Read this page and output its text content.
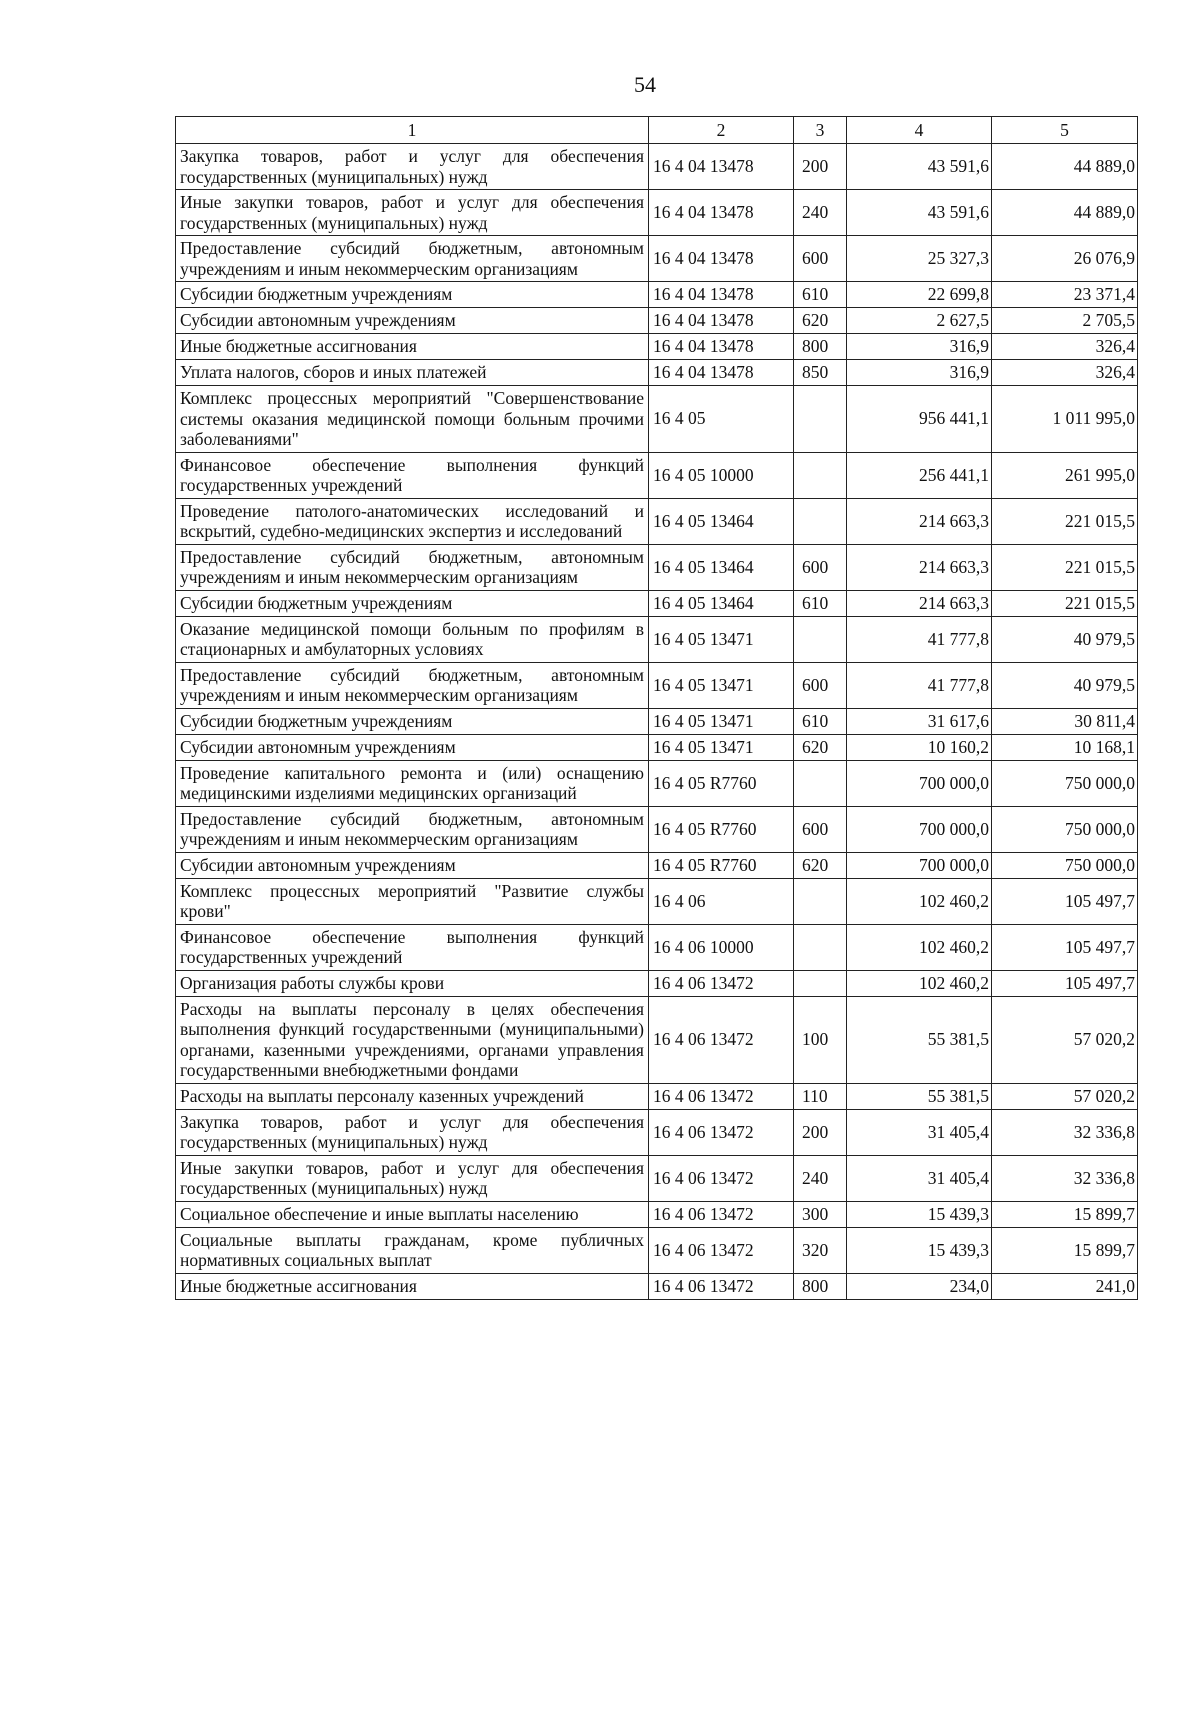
54
1	2	3	4	5
Закупка товаров, работ и услуг для обеспечения государственных (муниципальных) нужд	16 4 04 13478	200	43 591,6	44 889,0
Иные закупки товаров, работ и услуг для обеспечения государственных (муниципальных) нужд	16 4 04 13478	240	43 591,6	44 889,0
Предоставление субсидий бюджетным, автономным учреждениям и иным некоммерческим организациям	16 4 04 13478	600	25 327,3	26 076,9
Субсидии бюджетным учреждениям	16 4 04 13478	610	22 699,8	23 371,4
Субсидии автономным учреждениям	16 4 04 13478	620	2 627,5	2 705,5
Иные бюджетные ассигнования	16 4 04 13478	800	316,9	326,4
Уплата налогов, сборов и иных платежей	16 4 04 13478	850	316,9	326,4
Комплекс процессных мероприятий "Совершенствование системы оказания медицинской помощи больным прочими заболеваниями"	16 4 05		956 441,1	1 011 995,0
Финансовое обеспечение выполнения функций государственных учреждений	16 4 05 10000		256 441,1	261 995,0
Проведение патолого-анатомических исследований и вскрытий, судебно-медицинских экспертиз и исследований	16 4 05 13464		214 663,3	221 015,5
Предоставление субсидий бюджетным, автономным учреждениям и иным некоммерческим организациям	16 4 05 13464	600	214 663,3	221 015,5
Субсидии бюджетным учреждениям	16 4 05 13464	610	214 663,3	221 015,5
Оказание медицинской помощи больным по профилям в стационарных и амбулаторных условиях	16 4 05 13471		41 777,8	40 979,5
Предоставление субсидий бюджетным, автономным учреждениям и иным некоммерческим организациям	16 4 05 13471	600	41 777,8	40 979,5
Субсидии бюджетным учреждениям	16 4 05 13471	610	31 617,6	30 811,4
Субсидии автономным учреждениям	16 4 05 13471	620	10 160,2	10 168,1
Проведение капитального ремонта и (или) оснащению медицинскими изделиями медицинских организаций	16 4 05 R7760		700 000,0	750 000,0
Предоставление субсидий бюджетным, автономным учреждениям и иным некоммерческим организациям	16 4 05 R7760	600	700 000,0	750 000,0
Субсидии автономным учреждениям	16 4 05 R7760	620	700 000,0	750 000,0
Комплекс процессных мероприятий "Развитие службы крови"	16 4 06		102 460,2	105 497,7
Финансовое обеспечение выполнения функций государственных учреждений	16 4 06 10000		102 460,2	105 497,7
Организация работы службы крови	16 4 06 13472		102 460,2	105 497,7
Расходы на выплаты персоналу в целях обеспечения выполнения функций государственными (муниципальными) органами, казенными учреждениями, органами управления государственными внебюджетными фондами	16 4 06 13472	100	55 381,5	57 020,2
Расходы на выплаты персоналу казенных учреждений	16 4 06 13472	110	55 381,5	57 020,2
Закупка товаров, работ и услуг для обеспечения государственных (муниципальных) нужд	16 4 06 13472	200	31 405,4	32 336,8
Иные закупки товаров, работ и услуг для обеспечения государственных (муниципальных) нужд	16 4 06 13472	240	31 405,4	32 336,8
Социальное обеспечение и иные выплаты населению	16 4 06 13472	300	15 439,3	15 899,7
Социальные выплаты гражданам, кроме публичных нормативных социальных выплат	16 4 06 13472	320	15 439,3	15 899,7
Иные бюджетные ассигнования	16 4 06 13472	800	234,0	241,0
